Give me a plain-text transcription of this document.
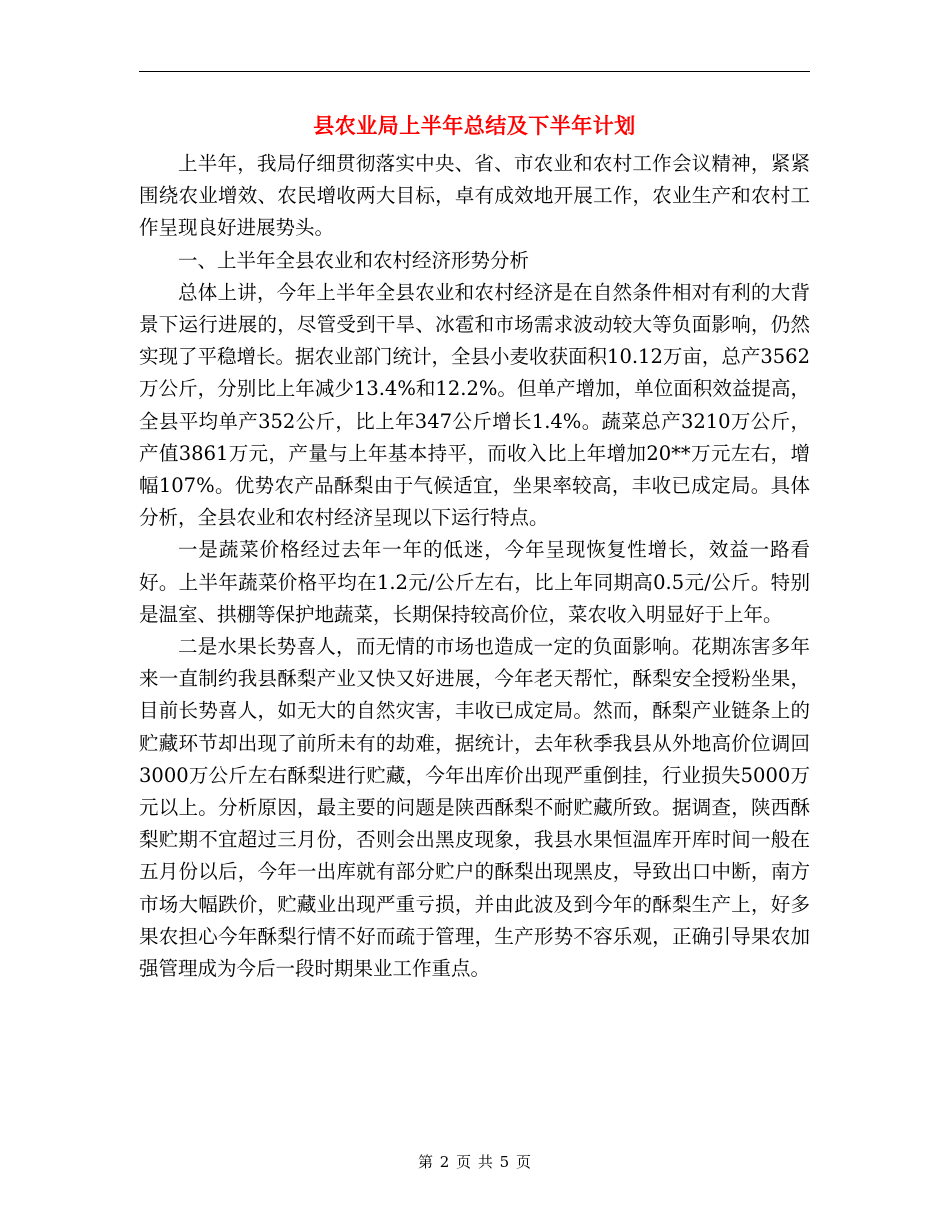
县农业局上半年总结及下半年计划

上半年，我局仔细贯彻落实中央、省、市农业和农村工作会议精神，紧紧围绕农业增效、农民增收两大目标，卓有成效地开展工作，农业生产和农村工作呈现良好进展势头。

一、上半年全县农业和农村经济形势分析

总体上讲，今年上半年全县农业和农村经济是在自然条件相对有利的大背景下运行进展的，尽管受到干旱、冰雹和市场需求波动较大等负面影响，仍然实现了平稳增长。据农业部门统计，全县小麦收获面积10.12万亩，总产3562万公斤，分别比上年减少13.4%和12.2%。但单产增加，单位面积效益提高，全县平均单产352公斤，比上年347公斤增长1.4%。蔬菜总产3210万公斤，产值3861万元，产量与上年基本持平，而收入比上年增加20**万元左右，增幅107%。优势农产品酥梨由于气候适宜，坐果率较高，丰收已成定局。具体分析，全县农业和农村经济呈现以下运行特点。

一是蔬菜价格经过去年一年的低迷，今年呈现恢复性增长，效益一路看好。上半年蔬菜价格平均在1.2元/公斤左右，比上年同期高0.5元/公斤。特别是温室、拱棚等保护地蔬菜，长期保持较高价位，菜农收入明显好于上年。

二是水果长势喜人，而无情的市场也造成一定的负面影响。花期冻害多年来一直制约我县酥梨产业又快又好进展，今年老天帮忙，酥梨安全授粉坐果，目前长势喜人，如无大的自然灾害，丰收已成定局。然而，酥梨产业链条上的贮藏环节却出现了前所未有的劫难，据统计，去年秋季我县从外地高价位调回3000万公斤左右酥梨进行贮藏，今年出库价出现严重倒挂，行业损失5000万元以上。分析原因，最主要的问题是陕西酥梨不耐贮藏所致。据调查，陕西酥梨贮期不宜超过三月份，否则会出黑皮现象，我县水果恒温库开库时间一般在五月份以后，今年一出库就有部分贮户的酥梨出现黑皮，导致出口中断，南方市场大幅跌价，贮藏业出现严重亏损，并由此波及到今年的酥梨生产上，好多果农担心今年酥梨行情不好而疏于管理，生产形势不容乐观，正确引导果农加强管理成为今后一段时期果业工作重点。

第 2 页 共 5 页
